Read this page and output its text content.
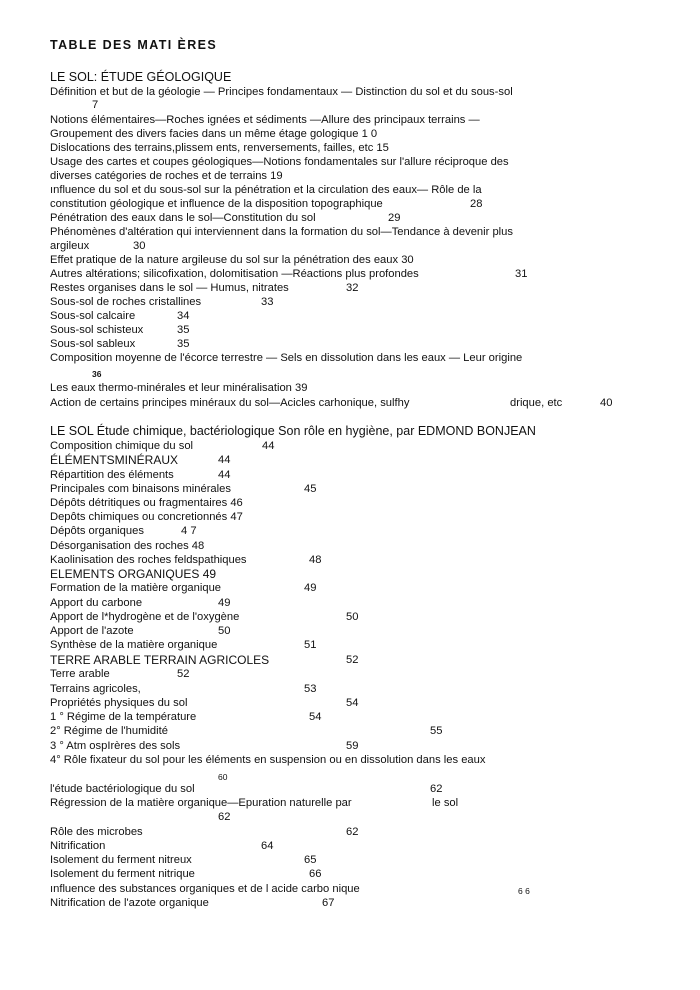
TABLE DES MATI ÈRES
LE SOL: ÉTUDE GÉOLOGIQUE
Définition et but de la géologie — Principes fondamentaux — Distinction du sol et du sous-sol
7
Notions élémentaires—Roches ignées et sédiments —Allure des principaux terrains —
Groupement des divers facies dans un même étage gologique 1 0
Dislocations des terrains,plissem ents, renversements, failles, etc 15
Usage des cartes et coupes géologiques—Notions fondamentales sur l'allure réciproque des
diverses catégories de roches et de terrains 19
ınfluence du sol et du sous-sol sur la pénétration et la circulation des eaux— Rôle de la
constitution géologique et influence de la disposition topographique	28
Pénétration des eaux dans le sol—Constitution du sol	29
Phénomènes d'altération qui interviennent dans la formation du sol—Tendance à devenir plus
argileux	30
Effet pratique de la nature argileuse du sol sur la pénétration des eaux 30
Autres altérations; silicofixation, dolomitisation —Réactions plus profondes	31
Restes organises dans le sol — Humus, nitrates	32
Sous-sol de roches cristallines	33
Sous-sol calcaire	34
Sous-sol schisteux	35
Sous-sol sableux	35
Composition moyenne de l'écorce terrestre — Sels en dissolution dans les eaux — Leur origine
36
Les eaux thermo-minérales et leur minéralisation 39
Action de certains principes minéraux du sol—Acicles carhonique, sulfhy	drique, etc	40
LE SOL Étude chimique, bactériologique Son rôle en hygiène, par EDMOND BONJEAN
Composition chimique du sol	44
ÉLÉMENTSMINÉRAUX	44
Répartition des éléments	44
Principales com binaisons minérales	45
Dépôts détritiques ou fragmentaires 46
Depôts chimiques ou concretionnés 47
Dépôts organiques	4 7
Désorganisation des roches 48
Kaolinisation des roches feldspathiques	48
ELEMENTS ORGANIQUES 49
Formation de la matière organique	49
Apport du carbone	49
Apport de l*hydrogène et de l'oxygène	50
Apport de l'azote	50
Synthèse de la matière organique	51
TERRE ARABLE TERRAIN AGRICOLES	52
Terre arable	52
Terrains agricoles,	53
Propriétés physiques du sol	54
1 ° Régime de la température	54
2° Régime de l'humidité	55
3 ° Atm ospIrères des sols	59
4° Rôle fixateur du sol pour les éléments en suspension ou en dissolution dans les eaux
60
l'étude bactériologique du sol	62
Régression de la matière organique—Epuration naturelle par	le sol
62
Rôle des microbes	62
Nitrification	64
Isolement du ferment nitreux	65
Isolement du ferment nitrique	66
ınfluence des substances organiques et de l acide carbo nique	6 6
Nitrification de l'azote organique	67
